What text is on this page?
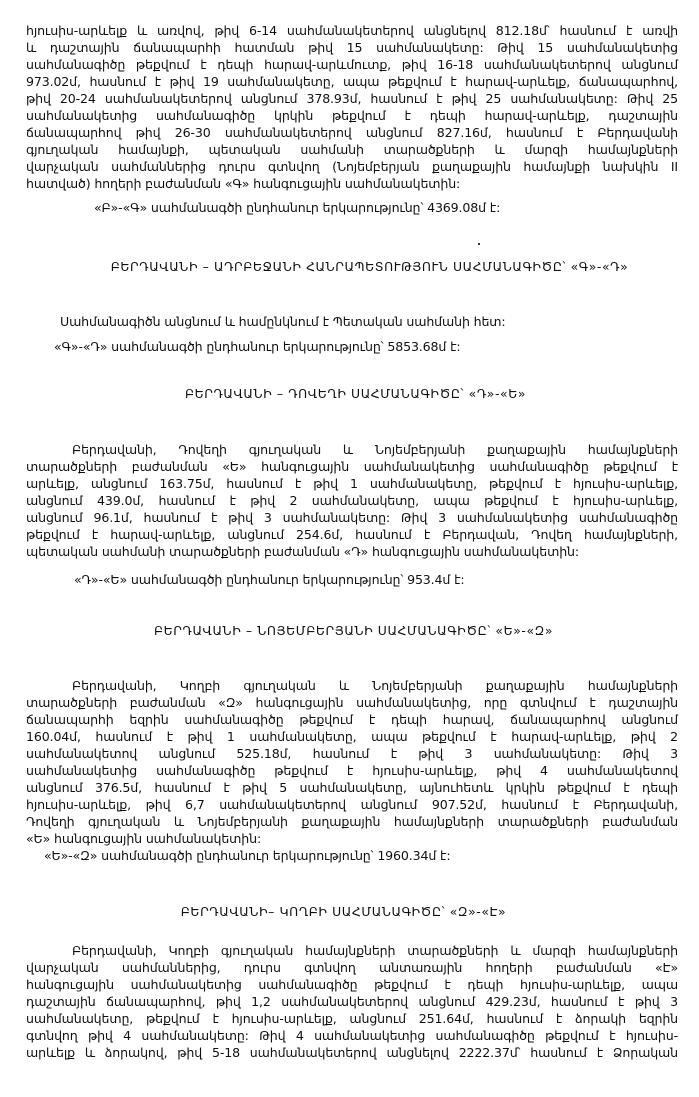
հյուսիս-արևելք և առվով, թիվ 6-14 սահմանակետերով անցնելով 812.18մ՝ հասնում է առվի
և դաշտային ճանապարհի հատման թիվ 15 սահմանակետը: Թիվ 15 սահմանակետից
սահմանագիծը թեքվում է դեպի հարավ-արևմուտք, թիվ 16-18 սահմանակետերով անցնում
973.02մ, հասնում է թիվ 19 սահմանակետը, ապա թեքվում է հարավ-արևելք, ճանապարհով,
թիվ 20-24 սահմանակետերով անցնում 378.93մ, հասնում է թիվ 25 սահմանակետը: Թիվ 25
սահմանակետից սահմանագիծը կրկին թեքվում է դեպի հարավ-արևելք, դաշտային
ճանապարհով թիվ 26-30 սահմանակետերով անցնում 827.16մ, հասնում է Բերդավանի
գյուղական համայնքի, պետական սահմանի տարածքների և մարզի համայնքների
վարչական սահմաններից դուրս գտնվող (Նոյեմբերյան քաղաքային համայնքի նախկին II
հատված) հողերի բաժանման «Գ» հանգուցային սահմանակետին:
«Բ»-«Գ» սահմանագծի ընդհանուր երկարությունը՝ 4369.08մ է:
ԲԵՐԴԱՎԱՆԻ – ԱԴՐԲԵՋԱՆԻ ՀԱՆՐԱՊԵՏՈՒԹՅՈՒՆ ՍԱՀՄԱՆԱԳԻԾԸ՝ «Գ»-«Դ»
Սահմանագիծն անցնում և համընկնում է Պետական սահմանի հետ:
«Գ»-«Դ» սահմանագծի ընդհանուր երկարությունը՝ 5853.68մ է:
ԲԵՐԴԱՎԱՆԻ – ԴՈՎԵՂԻ ՍԱՀՄԱՆԱԳԻԾԸ՝ «Դ»-«Ե»
Բերդավանի, Դովեղի գյուղական և Նոյեմբերյանի քաղաքային համայնքների
տարածքների բաժանման «Ե» հանգուցային սահմանակետից սահմանագիծը թեքվում է
արևելք, անցնում 163.75մ, հասնում է թիվ 1 սահմանակետը, թեքվում է հյուսիս-արևելք,
անցնում 439.0մ, հասնում է թիվ 2 սահմանակետը, ապա թեքվում է հյուսիս-արևելք,
անցնում 96.1մ, հասնում է թիվ 3 սահմանակետը: Թիվ 3 սահմանակետից սահմանագիծը
թեքվում է հարավ-արևելք, անցնում 254.6մ, հասնում է Բերդավան, Դովեղ համայնքների,
պետական սահմանի տարածքների բաժանման «Դ» հանգուցային սահմանակետին:
«Դ»-«Ե» սահմանագծի ընդհանուր երկարությունը՝ 953.4մ է:
ԲԵՐԴԱՎԱՆԻ – ՆՈՅԵՄԲԵՐՅԱՆԻ ՍԱՀՄԱՆԱԳԻԾԸ՝ «Ե»-«Զ»
Բերդավանի, Կողբի գյուղական և Նոյեմբերյանի քաղաքային համայնքների
տարածքների բաժանման «Զ» հանգուցային սահմանակետից, որը գտնվում է դաշտային
ճանապարհի եզրին սահմանագիծը թեքվում է դեպի հարավ, ճանապարհով անցնում
160.04մ, հասնում է թիվ 1 սահմանակետը, ապա թեքվում է հարավ-արևելք, թիվ 2
սահմանակետով անցնում 525.18մ, հասնում է թիվ 3 սահմանակետը: Թիվ 3
սահմանակետից սահմանագիծը թեքվում է հյուսիս-արևելք, թիվ 4 սահմանակետով
անցնում 376.5մ, հասնում է թիվ 5 սահմանակետը, այնուհետև կրկին թեքվում է դեպի
հյուսիս-արևելք, թիվ 6,7 սահմանակետերով անցնում 907.52մ, հասնում է Բերդավանի,
Դովեղի գյուղական և Նոյեմբերյանի քաղաքային համայնքների տարածքների բաժանման
«Ե» հանգուցային սահմանակետին:
«Ե»-«Զ» սահմանագծի ընդհանուր երկարությունը՝ 1960.34մ է:
ԲԵՐԴԱՎԱՆԻ– ԿՈՂԲԻ ՍԱՀՄԱՆԱԳԻԾԸ՝ «Զ»-«Է»
Բերդավանի, Կողբի գյուղական համայնքների տարածքների և մարզի համայնքների
վարչական սահմաններից, դուրս գտնվող անտառային հողերի բաժանման «Է»
հանգուցային սահմանակետից սահմանագիծը թեքվում է դեպի հյուսիս-արևելք, ապա
դաշտային ճանապարհով, թիվ 1,2 սահմանակետերով անցնում 429.23մ, հասնում է թիվ 3
սահմանակետը, թեքվում է հյուսիս-արևելք, անցնում 251.64մ, հասնում է ձորակի եզրին
գտնվող թիվ 4 սահմանակետը: Թիվ 4 սահմանակետից սահմանագիծը թեքվում է հյուսիս-
արևելք և ձորակով, թիվ 5-18 սահմանակետերով անցնելով 2222.37մ՝ հասնում է Ձորական
